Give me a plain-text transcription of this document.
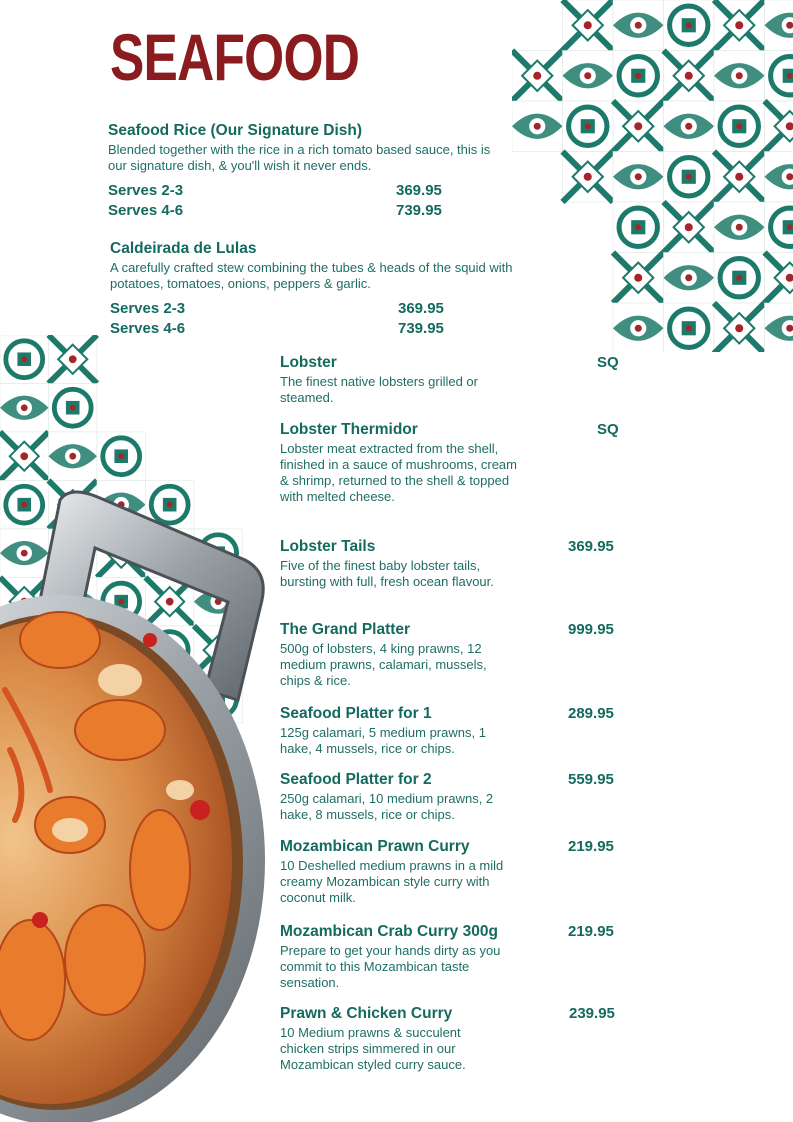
SEAFOOD
Seafood Rice (Our Signature Dish)
Blended together with the rice in a rich tomato based sauce, this is our signature dish, & you'll wish it never ends.
Serves 2-3	369.95
Serves 4-6	739.95
Caldeirada de Lulas
A carefully crafted stew combining the tubes & heads of the squid with potatoes, tomatoes, onions, peppers & garlic.
Serves 2-3	369.95
Serves 4-6	739.95
Lobster	SQ
The finest native lobsters grilled or steamed.
Lobster Thermidor	SQ
Lobster meat extracted from the shell, finished in a sauce of mushrooms, cream & shrimp, returned to the shell & topped with melted cheese.
Lobster Tails	369.95
Five of the finest baby lobster tails, bursting with full, fresh ocean flavour.
The Grand Platter	999.95
500g of lobsters, 4 king prawns, 12 medium prawns, calamari, mussels, chips & rice.
Seafood Platter for 1	289.95
125g calamari, 5 medium prawns, 1 hake, 4 mussels, rice or chips.
Seafood Platter for 2	559.95
250g calamari, 10 medium prawns, 2 hake, 8 mussels, rice or chips.
Mozambican Prawn Curry	219.95
10 Deshelled medium prawns in a mild creamy Mozambican style curry with coconut milk.
Mozambican Crab Curry 300g	219.95
Prepare to get your hands dirty as you commit to this Mozambican taste sensation.
Prawn & Chicken Curry	239.95
10 Medium prawns & succulent chicken strips simmered in our Mozambican styled curry sauce.
